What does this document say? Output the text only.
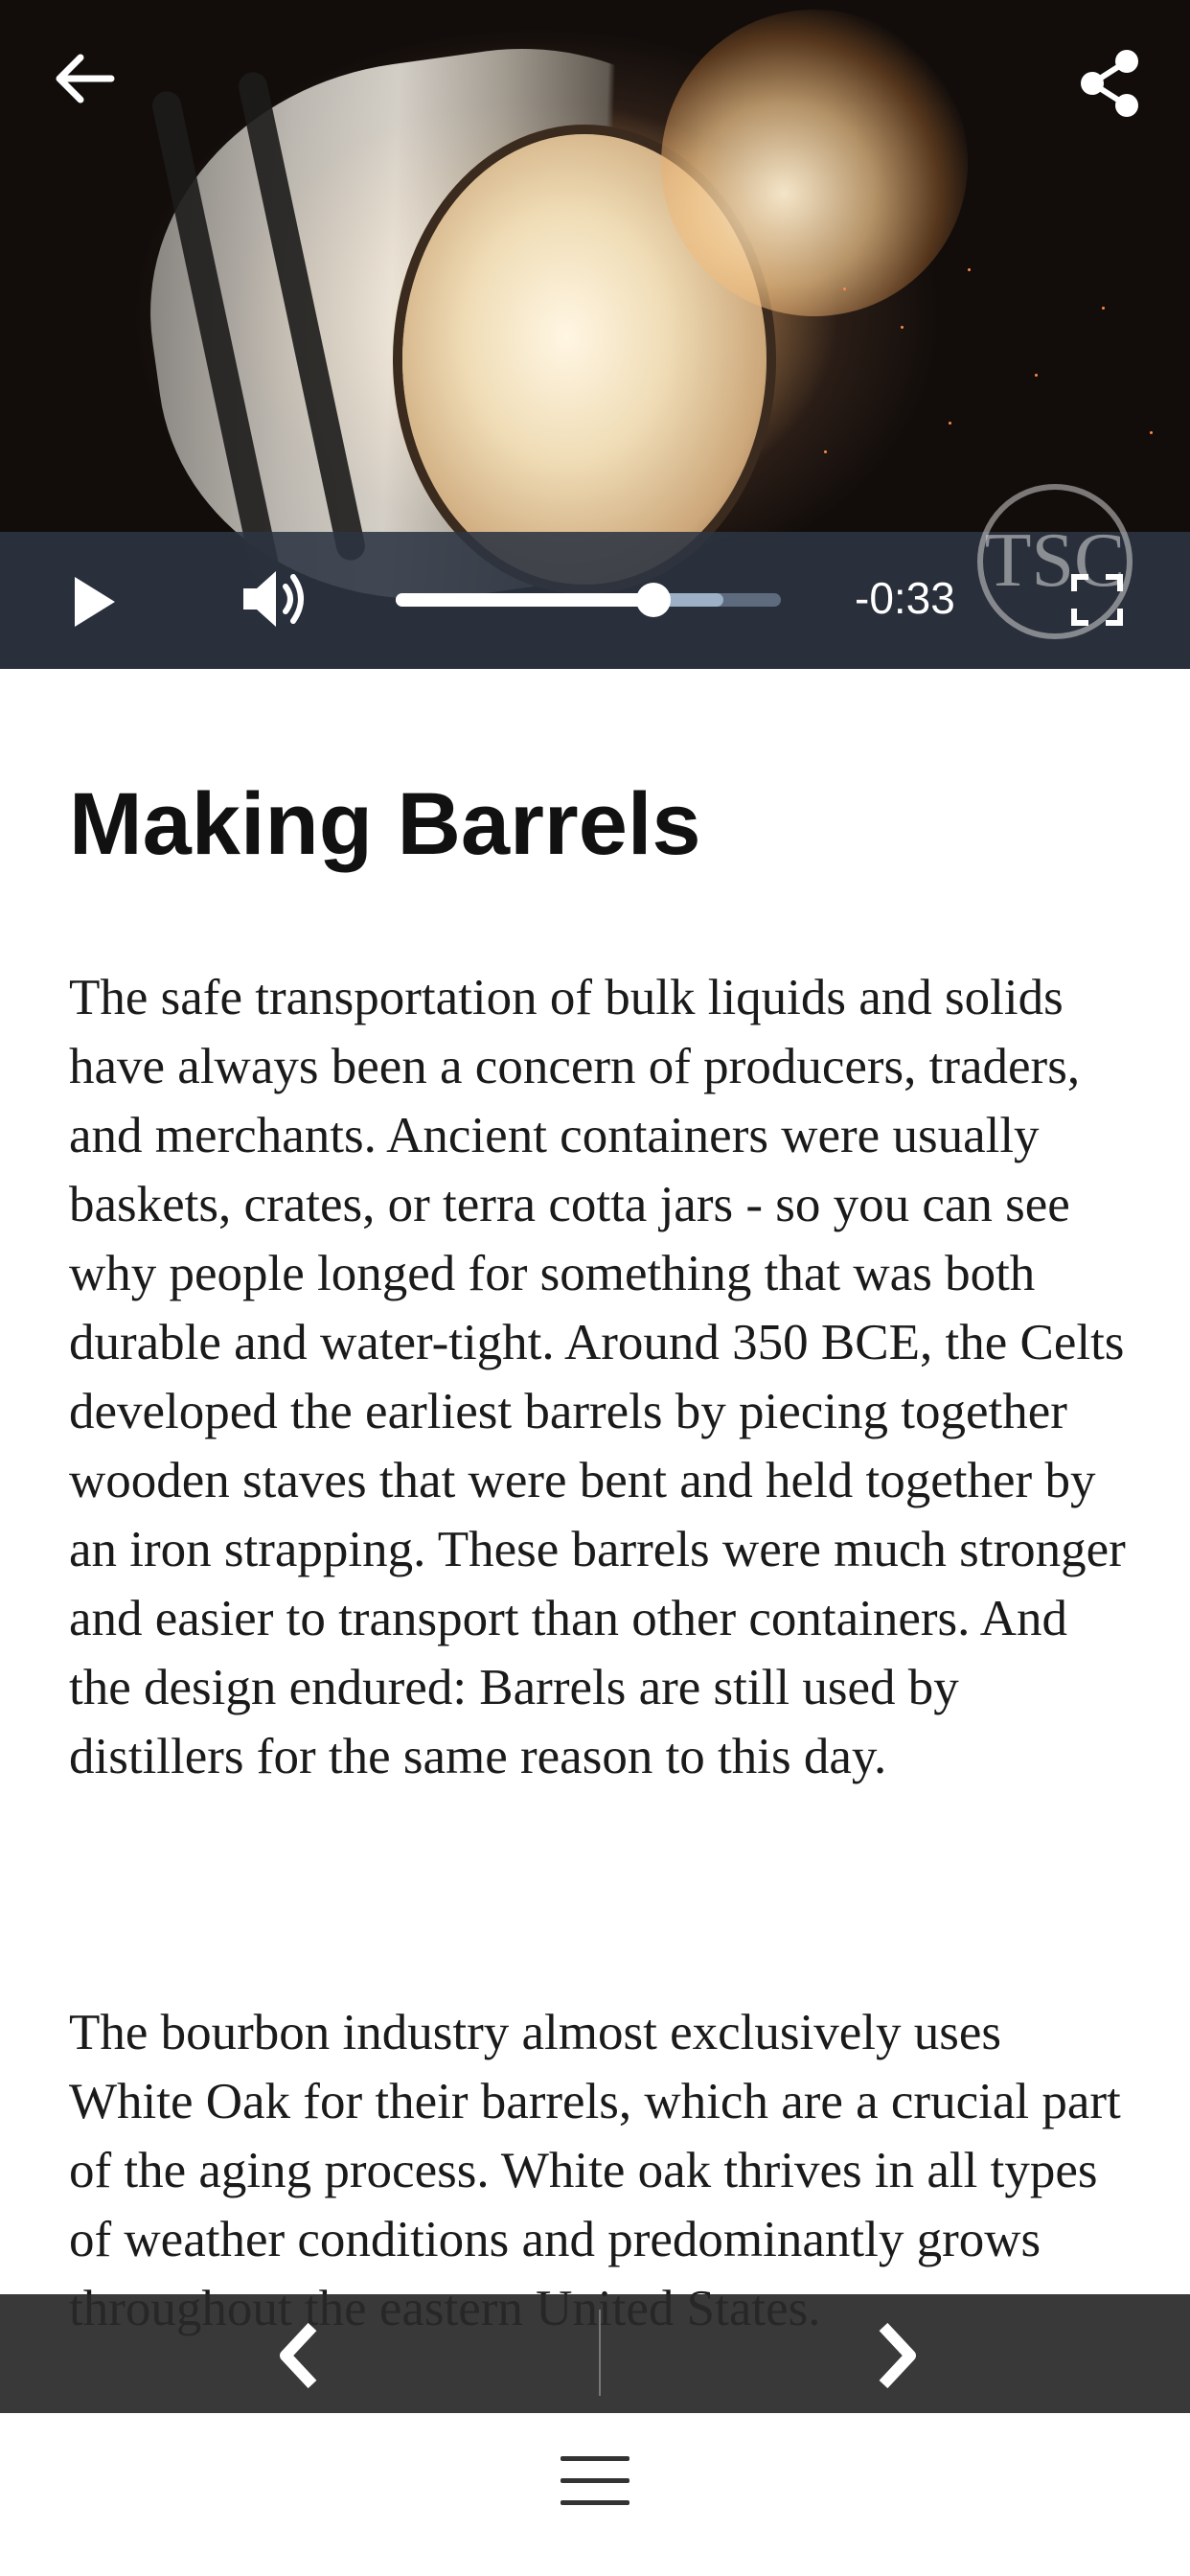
TSC
-0:33
Making Barrels

The safe transportation of bulk liquids and solids have always been a concern of producers, traders, and merchants. Ancient containers were usually baskets, crates, or terra cotta jars - so you can see why people longed for something that was both durable and water-tight. Around 350 BCE, the Celts developed the earliest barrels by piecing together wooden staves that were bent and held together by an iron strapping. These barrels were much stronger and easier to transport than other containers. And the design endured: Barrels are still used by distillers for the same reason to this day.

The bourbon industry almost exclusively uses White Oak for their barrels, which are a crucial part of the aging process. White oak thrives in all types of weather conditions and predominantly grows
